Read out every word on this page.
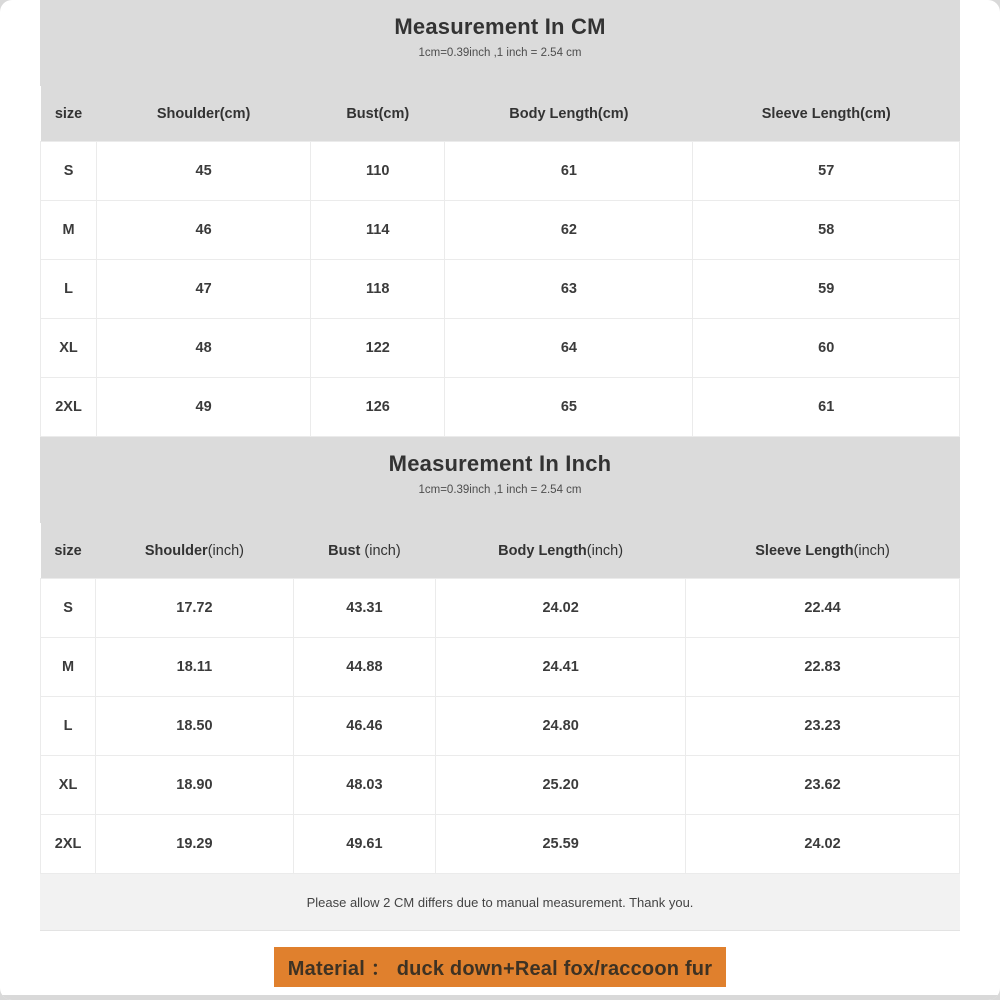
Measurement In CM
1cm=0.39inch ,1 inch = 2.54 cm
size	Shoulder(cm)	Bust(cm)	Body Length(cm)	Sleeve Length(cm)
S	45	110	61	57
M	46	114	62	58
L	47	118	63	59
XL	48	122	64	60
2XL	49	126	65	61
Measurement In Inch
1cm=0.39inch ,1 inch = 2.54 cm
size	Shoulder(inch)	Bust (inch)	Body Length(inch)	Sleeve Length(inch)
S	17.72	43.31	24.02	22.44
M	18.11	44.88	24.41	22.83
L	18.50	46.46	24.80	23.23
XL	18.90	48.03	25.20	23.62
2XL	19.29	49.61	25.59	24.02
Please allow 2 CM differs due to manual measurement. Thank you.
Material ： duck down+Real fox/raccoon fur
